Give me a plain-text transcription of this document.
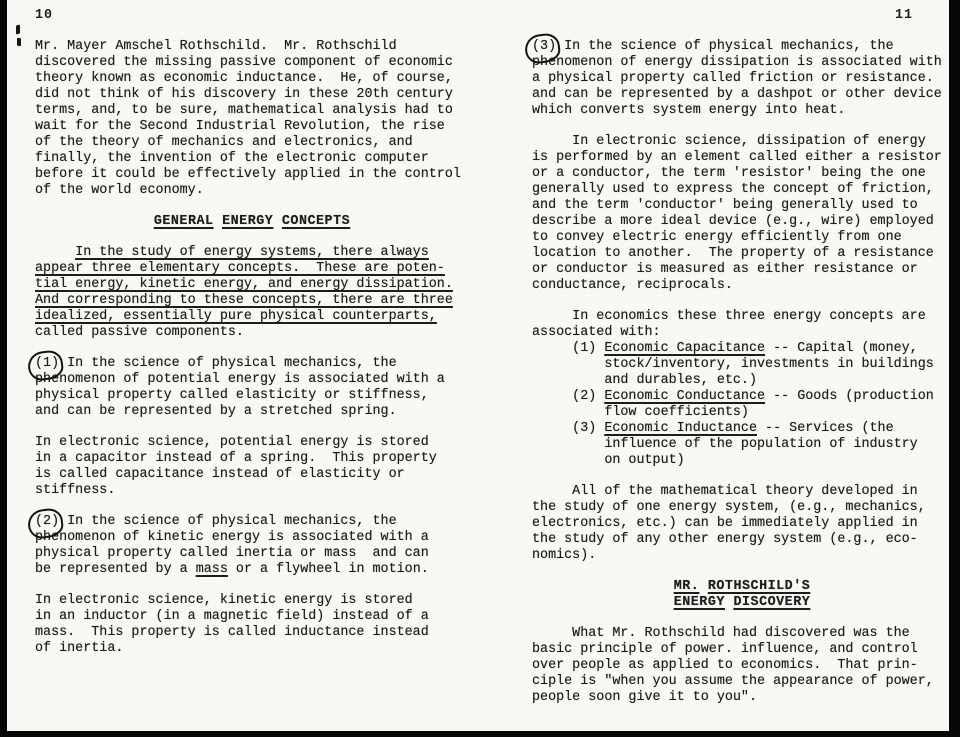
10
Mr. Mayer Amschel Rothschild.  Mr. Rothschild
discovered the missing passive component of economic
theory known as economic inductance.  He, of course,
did not think of his discovery in these 20th century
terms, and, to be sure, mathematical analysis had to
wait for the Second Industrial Revolution, the rise
of the theory of mechanics and electronics, and
finally, the invention of the electronic computer
before it could be effectively applied in the control
of the world economy.
GENERAL ENERGY CONCEPTS
In the study of energy systems, there always
appear three elementary concepts.  These are poten-
tial energy, kinetic energy, and energy dissipation.
And corresponding to these concepts, there are three
idealized, essentially pure physical counterparts,
called passive components.
(1) In the science of physical mechanics, the
phenomenon of potential energy is associated with a
physical property called elasticity or stiffness,
and can be represented by a stretched spring.
In electronic science, potential energy is stored
in a capacitor instead of a spring.  This property
is called capacitance instead of elasticity or
stiffness.
(2) In the science of physical mechanics, the
phenomenon of kinetic energy is associated with a
physical property called inertia or mass  and can
be represented by a mass or a flywheel in motion.
In electronic science, kinetic energy is stored
in an inductor (in a magnetic field) instead of a
mass.  This property is called inductance instead
of inertia.
11
(3) In the science of physical mechanics, the
phenomenon of energy dissipation is associated with
a physical property called friction or resistance.
and can be represented by a dashpot or other device
which converts system energy into heat.
In electronic science, dissipation of energy
is performed by an element called either a resistor
or a conductor, the term 'resistor' being the one
generally used to express the concept of friction,
and the term 'conductor' being generally used to
describe a more ideal device (e.g., wire) employed
to convey electric energy efficiently from one
location to another.  The property of a resistance
or conductor is measured as either resistance or
conductance, reciprocals.
In economics these three energy concepts are
associated with:
(1) Economic Capacitance -- Capital (money,
stock/inventory, investments in buildings
and durables, etc.)
(2) Economic Conductance -- Goods (production
flow coefficients)
(3) Economic Inductance -- Services (the
influence of the population of industry
on output)
All of the mathematical theory developed in
the study of one energy system, (e.g., mechanics,
electronics, etc.) can be immediately applied in
the study of any other energy system (e.g., eco-
nomics).
MR. ROTHSCHILD'S
ENERGY DISCOVERY
What Mr. Rothschild had discovered was the
basic principle of power. influence, and control
over people as applied to economics.  That prin-
ciple is "when you assume the appearance of power,
people soon give it to you".
